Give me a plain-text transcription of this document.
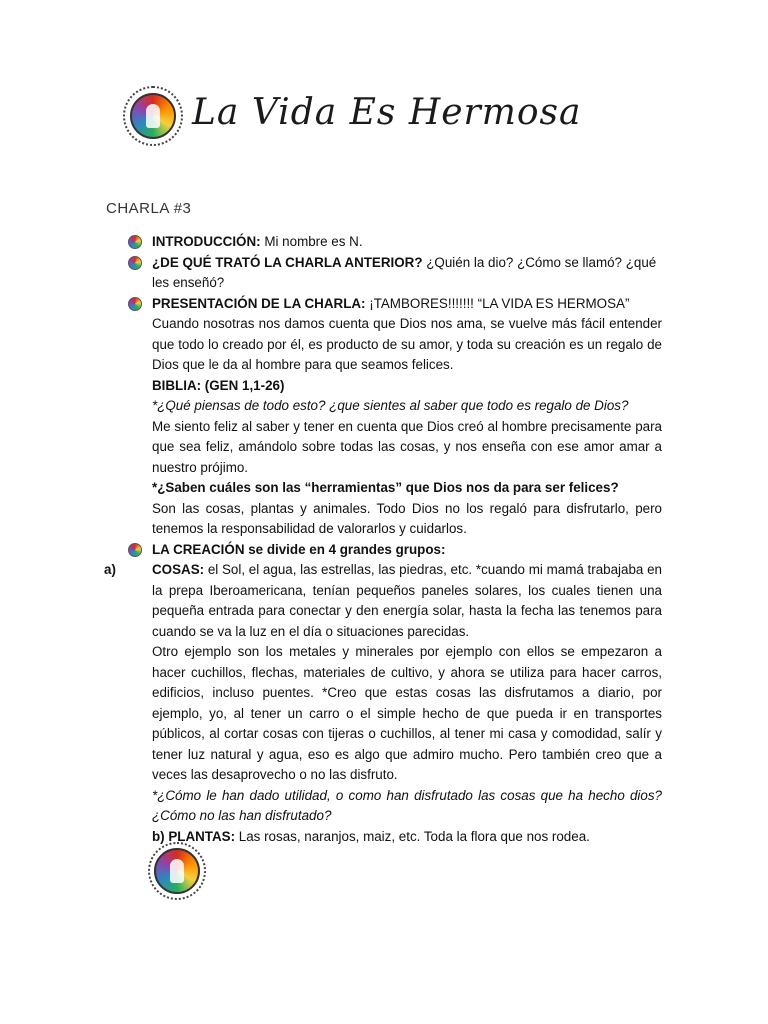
La Vida Es Hermosa
CHARLA #3

INTRODUCCIÓN: Mi nombre es N.

¿DE QUÉ TRATÓ LA CHARLA ANTERIOR? ¿Quién la dio? ¿Cómo se llamó? ¿qué les enseñó?

PRESENTACIÓN DE LA CHARLA: ¡TAMBORES!!!!!!! “LA VIDA ES HERMOSA”

Cuando nosotras nos damos cuenta que Dios nos ama, se vuelve más fácil entender que todo lo creado por él, es producto de su amor, y toda su creación es un regalo de Dios que le da al hombre para que seamos felices.

BIBLIA: (GEN 1,1-26)

*¿Qué piensas de todo esto? ¿que sientes al saber que todo es regalo de Dios?

Me siento feliz al saber y tener en cuenta que Dios creó al hombre precisamente para que sea feliz, amándolo sobre todas las cosas, y nos enseña con ese amor amar a nuestro prójimo.

*¿Saben cuáles son las “herramientas” que Dios nos da para ser felices?

Son las cosas, plantas y animales. Todo Dios no los regaló para disfrutarlo, pero tenemos la responsabilidad de valorarlos y cuidarlos.

LA CREACIÓN se divide en 4 grandes grupos:

a)	COSAS: el Sol, el agua, las estrellas, las piedras, etc. *cuando mi mamá trabajaba en la prepa Iberoamericana, tenían pequeños paneles solares, los cuales tienen una pequeña entrada para conectar y den energía solar, hasta la fecha las tenemos para cuando se va la luz en el día o situaciones parecidas.

Otro ejemplo son los metales y minerales por ejemplo con ellos se empezaron a hacer cuchillos, flechas, materiales de cultivo, y ahora se utiliza para hacer carros, edificios, incluso puentes. *Creo que estas cosas las disfrutamos a diario, por ejemplo, yo, al tener un carro o el simple hecho de que pueda ir en transportes públicos, al cortar cosas con tijeras o cuchillos, al tener mi casa y comodidad, salír y tener luz natural y agua, eso es algo que admiro mucho. Pero también creo que a veces las desaprovecho o no las disfruto.

*¿Cómo le han dado utilidad, o como han disfrutado las cosas que ha hecho dios? ¿Cómo no las han disfrutado?

b) PLANTAS: Las rosas, naranjos, maiz, etc. Toda la flora que nos rodea.
